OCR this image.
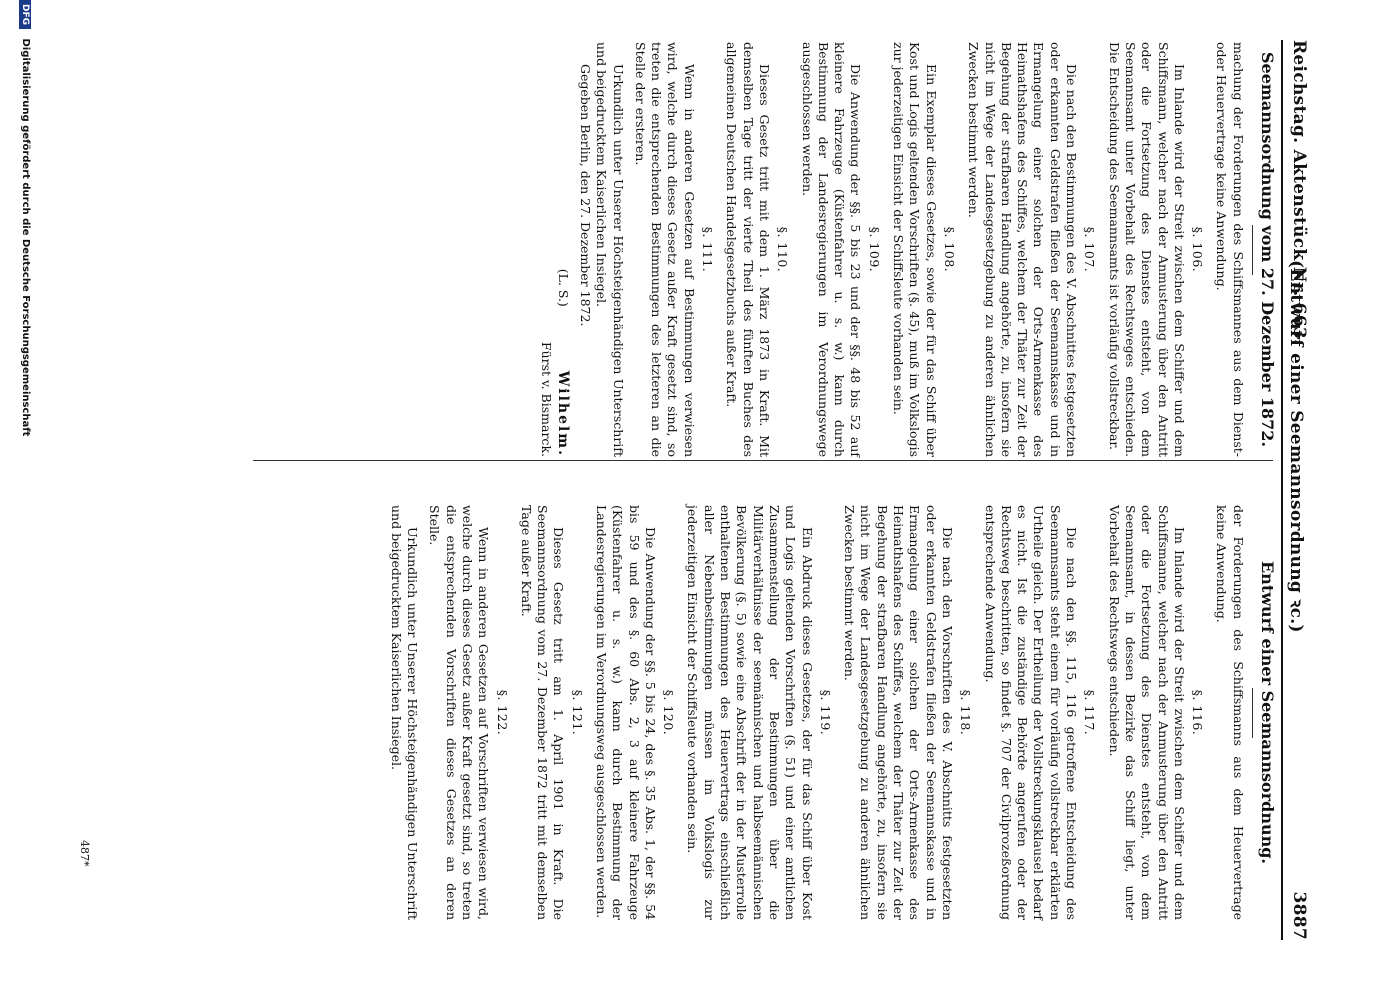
Reichstag. Aktenstück Nr. 663.
(Entwurf einer Seemannsordnung ꝛc.)
3887
Seemannsordnung vom 27. Dezember 1872.

machung der Forderungen des Schiffsmannes aus dem Dienst- oder Heuervertrage keine Anwendung.

§. 106.

Im Inlande wird der Streit zwischen dem Schiffer und dem Schiffsmann, welcher nach der Anmusterung über den Antritt oder die Fortsetzung des Dienstes entsteht, von dem Seemannsamt unter Vorbehalt des Rechtsweges entschieden. Die Entscheidung des Seemannsamts ist vorläufig vollstreckbar.

§. 107.

Die nach den Bestimmungen des V. Abschnittes festgesetzten oder erkannten Geldstrafen fließen der Seemannskasse und in Ermangelung einer solchen der Orts-Armenkasse des Heimathshafens des Schiffes, welchem der Thäter zur Zeit der Begehung der strafbaren Handlung angehörte, zu, insofern sie nicht im Wege der Landesgesetzgebung zu anderen ähnlichen Zwecken bestimmt werden.

§. 108.

Ein Exemplar dieses Gesetzes, sowie der für das Schiff über Kost und Logis geltenden Vorschriften (§. 45), muß im Volkslogis zur jederzeitigen Einsicht der Schiffsleute vorhanden sein.

§. 109.

Die Anwendung der §§. 5 bis 23 und der §§. 48 bis 52 auf kleinere Fahrzeuge (Küstenfahrer u. s. w.) kann durch Bestimmung der Landesregierungen im Verordnungswege ausgeschlossen werden.

§. 110.

Dieses Gesetz tritt mit dem 1. März 1873 in Kraft. Mit demselben Tage tritt der vierte Theil des fünften Buches des allgemeinen Deutschen Handelsgesetzbuchs außer Kraft.

§. 111.

Wenn in anderen Gesetzen auf Bestimmungen verwiesen wird, welche durch dieses Gesetz außer Kraft gesetzt sind, so treten die entsprechenden Bestimmungen des letzteren an die Stelle der ersteren.

Urkundlich unter Unserer Höchsteigenhändigen Unterschrift und beigedrucktem Kaiserlichen Insiegel.

Gegeben Berlin, den 27. Dezember 1872.

(L. S.) Wilhelm.
Fürst v. Bismarck.
Entwurf einer Seemannsordnung.

der Forderungen des Schiffsmanns aus dem Heuervertrage keine Anwendung.

§. 116.

Im Inlande wird der Streit zwischen dem Schiffer und dem Schiffsmanne, welcher nach der Anmusterung über den Antritt oder die Fortsetzung des Dienstes entsteht, von dem Seemannsamt, in dessen Bezirke das Schiff liegt, unter Vorbehalt des Rechtswegs entschieden.

§. 117.

Die nach den §§. 115, 116 getroffene Entscheidung des Seemannsamts steht einem für vorläufig vollstreckbar erklärten Urtheile gleich. Der Ertheilung der Vollstreckungsklausel bedarf es nicht. Ist die zuständige Behörde angerufen oder der Rechtsweg beschritten, so findet §. 707 der Civilprozeßordnung entsprechende Anwendung.

§. 118.

Die nach den Vorschriften des V. Abschnitts festgesetzten oder erkannten Geldstrafen fließen der Seemannskasse und in Ermangelung einer solchen der Orts-Armenkasse des Heimathshafens des Schiffes, welchem der Thäter zur Zeit der Begehung der strafbaren Handlung angehörte, zu, insofern sie nicht im Wege der Landesgesetzgebung zu anderen ähnlichen Zwecken bestimmt werden.

§. 119.

Ein Abdruck dieses Gesetzes, der für das Schiff über Kost und Logis geltenden Vorschriften (§. 51) und einer amtlichen Zusammenstellung der Bestimmungen über die Militärverhältnisse der seemännischen und halbseemännischen Bevölkerung (§. 5) sowie eine Abschrift der in der Musterrolle enthaltenen Bestimmungen des Heuervertrags einschließlich aller Nebenbestimmungen müssen im Volkslogis zur jederzeitigen Einsicht der Schiffsleute vorhanden sein.

§. 120.

Die Anwendung der §§. 5 bis 24, des §. 35 Abs. 1, der §§. 54 bis 59 und des §. 60 Abs. 2, 3 auf kleinere Fahrzeuge (Küstenfahrer u. s. w.) kann durch Bestimmung der Landesregierungen im Verordnungsweg ausgeschlossen werden.

§. 121.

Dieses Gesetz tritt am 1. April 1901 in Kraft. Die Seemannsordnung vom 27. Dezember 1872 tritt mit demselben Tage außer Kraft.

§. 122.

Wenn in anderen Gesetzen auf Vorschriften verwiesen wird, welche durch dieses Gesetz außer Kraft gesetzt sind, so treten die entsprechenden Vorschriften dieses Gesetzes an deren Stelle.

Urkundlich unter Unserer Höchsteigenhändigen Unterschrift und beigedrucktem Kaiserlichen Insiegel.

487*
DFG Digitalisierung gefördert durch die Deutsche Forschungsgemeinschaft
